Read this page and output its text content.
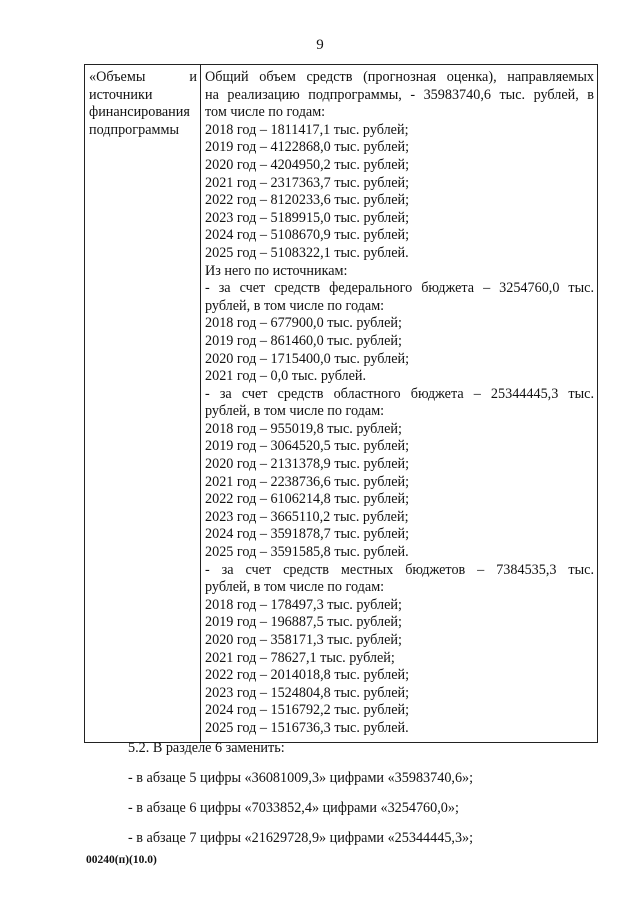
9
«Объемы	и
источники
финансирования
подпрограммы

Общий объем средств (прогнозная оценка), направляемых
на реализацию подпрограммы, - 35983740,6 тыс. рублей, в
том числе по годам:
2018 год – 1811417,1 тыс. рублей;
2019 год – 4122868,0 тыс. рублей;
2020 год – 4204950,2 тыс. рублей;
2021 год – 2317363,7 тыс. рублей;
2022 год – 8120233,6 тыс. рублей;
2023 год – 5189915,0 тыс. рублей;
2024 год – 5108670,9 тыс. рублей;
2025 год – 5108322,1 тыс. рублей.
Из него по источникам:
- за счет средств федерального бюджета – 3254760,0 тыс.
рублей, в том числе по годам:
2018 год – 677900,0 тыс. рублей;
2019 год – 861460,0 тыс. рублей;
2020 год – 1715400,0 тыс. рублей;
2021 год – 0,0 тыс. рублей.
- за счет средств областного бюджета – 25344445,3 тыс.
рублей, в том числе по годам:
2018 год – 955019,8 тыс. рублей;
2019 год – 3064520,5 тыс. рублей;
2020 год – 2131378,9 тыс. рублей;
2021 год – 2238736,6 тыс. рублей;
2022 год – 6106214,8 тыс. рублей;
2023 год – 3665110,2 тыс. рублей;
2024 год – 3591878,7 тыс. рублей;
2025 год – 3591585,8 тыс. рублей.
- за счет средств местных бюджетов – 7384535,3 тыс.
рублей, в том числе по годам:
2018 год – 178497,3 тыс. рублей;
2019 год – 196887,5 тыс. рублей;
2020 год – 358171,3 тыс. рублей;
2021 год – 78627,1 тыс. рублей;
2022 год – 2014018,8 тыс. рублей;
2023 год – 1524804,8 тыс. рублей;
2024 год – 1516792,2 тыс. рублей;
2025 год – 1516736,3 тыс. рублей.
5.2. В разделе 6 заменить:
- в абзаце 5 цифры «36081009,3» цифрами «35983740,6»;
- в абзаце 6 цифры «7033852,4» цифрами «3254760,0»;
- в абзаце 7 цифры «21629728,9» цифрами «25344445,3»;
00240(п)(10.0)
